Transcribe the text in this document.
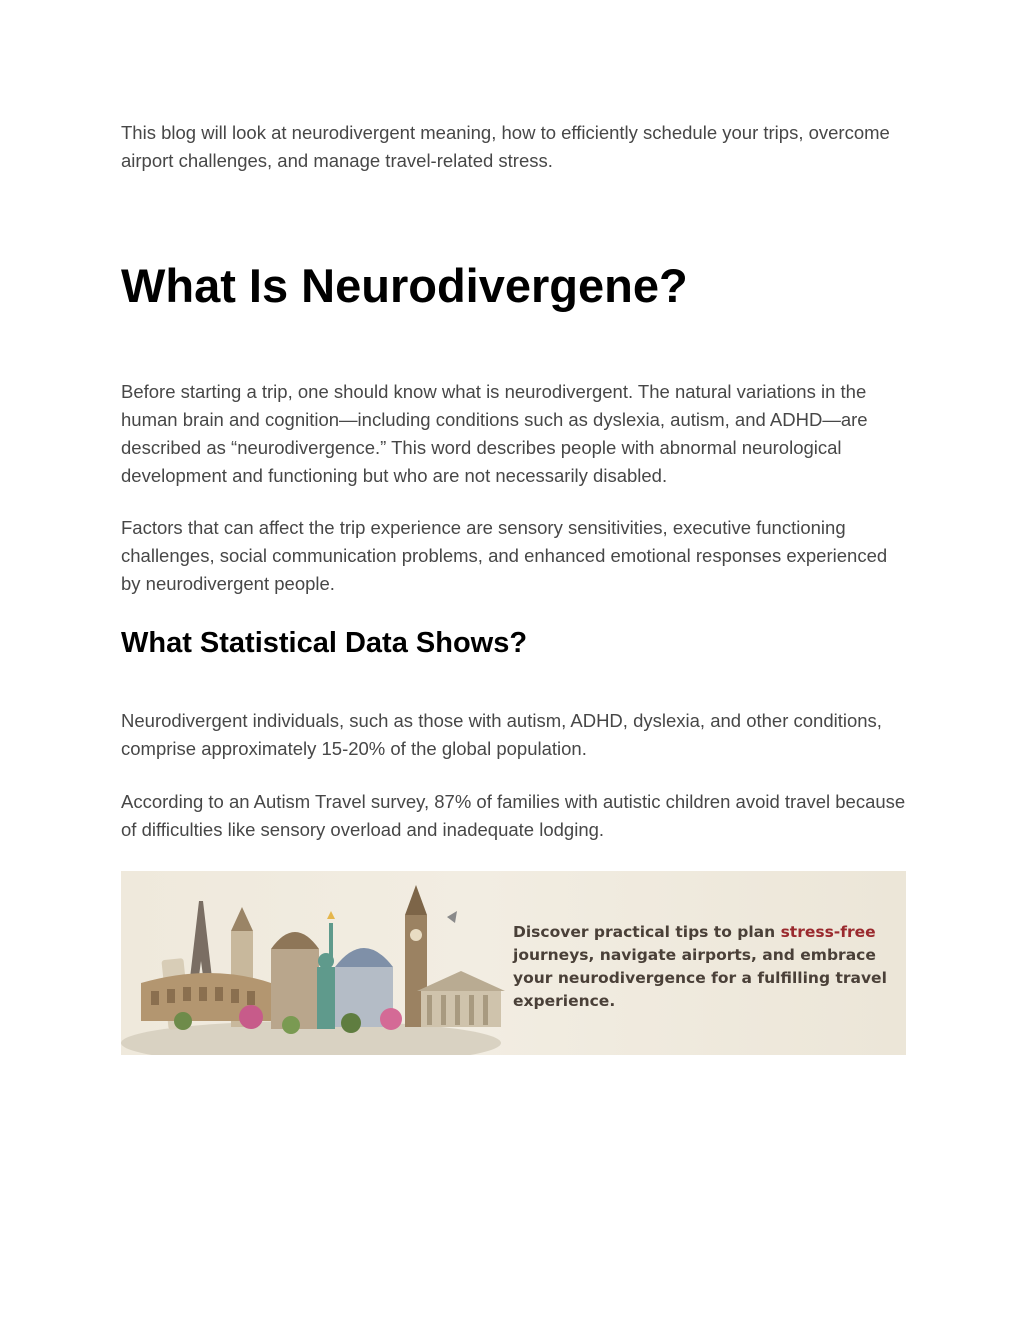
This blog will look at neurodivergent meaning, how to efficiently schedule your trips, overcome airport challenges, and manage travel-related stress.

What Is Neurodivergene?

Before starting a trip, one should know what is neurodivergent. The natural variations in the human brain and cognition—including conditions such as dyslexia, autism, and ADHD—are described as “neurodivergence.” This word describes people with abnormal neurological development and functioning but who are not necessarily disabled.

Factors that can affect the trip experience are sensory sensitivities, executive functioning challenges, social communication problems, and enhanced emotional responses experienced by neurodivergent people.

What Statistical Data Shows?

Neurodivergent individuals, such as those with autism, ADHD, dyslexia, and other conditions, comprise approximately 15-20% of the global population.

According to an Autism Travel survey, 87% of families with autistic children avoid travel because of difficulties like sensory overload and inadequate lodging.

Discover practical tips to plan stress-free journeys, navigate airports, and embrace your neurodivergence for a fulfilling travel experience.
